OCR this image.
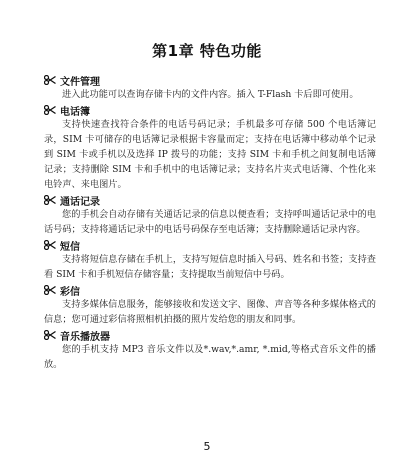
第1章 特色功能
文件管理

进入此功能可以查询存储卡内的文件内容。插入 T-Flash 卡后即可使用。

电话簿

支持快速查找符合条件的电话号码记录；手机最多可存储 500 个电话簿记录，SIM 卡可储存的电话簿记录根据卡容量而定；支持在电话簿中移动单个记录到 SIM 卡或手机以及选择 IP 拨号的功能；支持 SIM 卡和手机之间复制电话簿记录；支持删除 SIM 卡和手机中的电话簿记录；支持名片夹式电话簿、个性化来电铃声、来电图片。

通话记录

您的手机会自动存储有关通话记录的信息以便查看；支持呼叫通话记录中的电话号码；支持将通话记录中的电话号码保存至电话簿；支持删除通话记录内容。

短信

支持将短信息存储在手机上，支持写短信息时插入号码、姓名和书签；支持查看 SIM 卡和手机短信存储容量；支持提取当前短信中号码。

彩信

支持多媒体信息服务，能够接收和发送文字、图像、声音等各种多媒体格式的信息；您可通过彩信将照相机拍摄的照片发给您的朋友和同事。

音乐播放器

您的手机支持 MP3 音乐文件以及*.wav,*.amr, *.mid,等格式音乐文件的播放。

5
